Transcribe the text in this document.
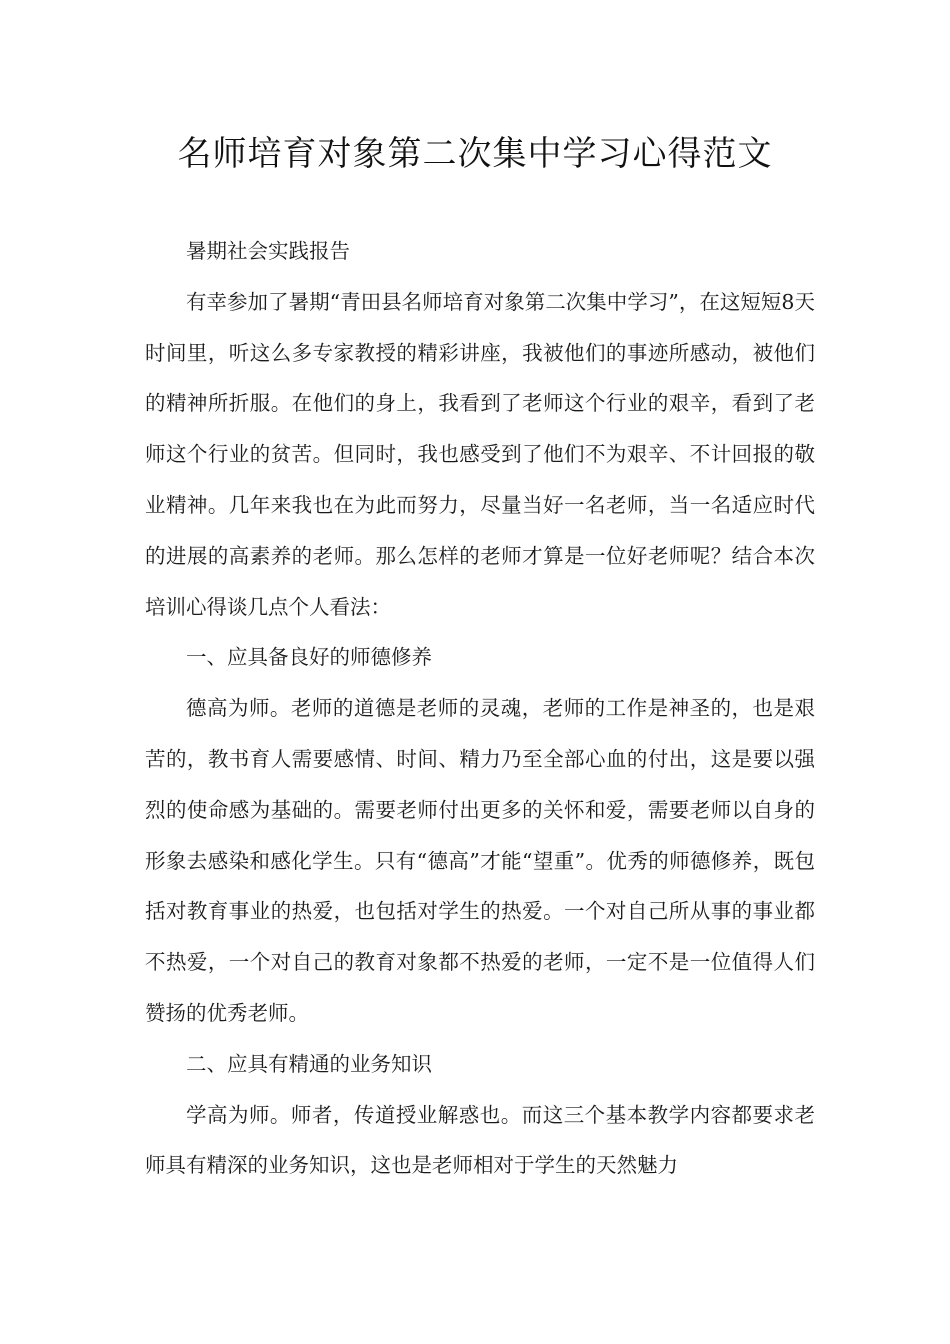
名师培育对象第二次集中学习心得范文

暑期社会实践报告

有幸参加了暑期“青田县名师培育对象第二次集中学习”，在这短短8天时间里，听这么多专家教授的精彩讲座，我被他们的事迹所感动，被他们的精神所折服。在他们的身上，我看到了老师这个行业的艰辛，看到了老师这个行业的贫苦。但同时，我也感受到了他们不为艰辛、不计回报的敬业精神。几年来我也在为此而努力，尽量当好一名老师，当一名适应时代的进展的高素养的老师。那么怎样的老师才算是一位好老师呢？结合本次培训心得谈几点个人看法：

一、应具备良好的师德修养

德高为师。老师的道德是老师的灵魂，老师的工作是神圣的，也是艰苦的，教书育人需要感情、时间、精力乃至全部心血的付出，这是要以强烈的使命感为基础的。需要老师付出更多的关怀和爱，需要老师以自身的形象去感染和感化学生。只有“德高”才能“望重”。优秀的师德修养，既包括对教育事业的热爱，也包括对学生的热爱。一个对自己所从事的事业都不热爱，一个对自己的教育对象都不热爱的老师，一定不是一位值得人们赞扬的优秀老师。

二、应具有精通的业务知识

学高为师。师者，传道授业解惑也。而这三个基本教学内容都要求老师具有精深的业务知识，这也是老师相对于学生的天然魅力
